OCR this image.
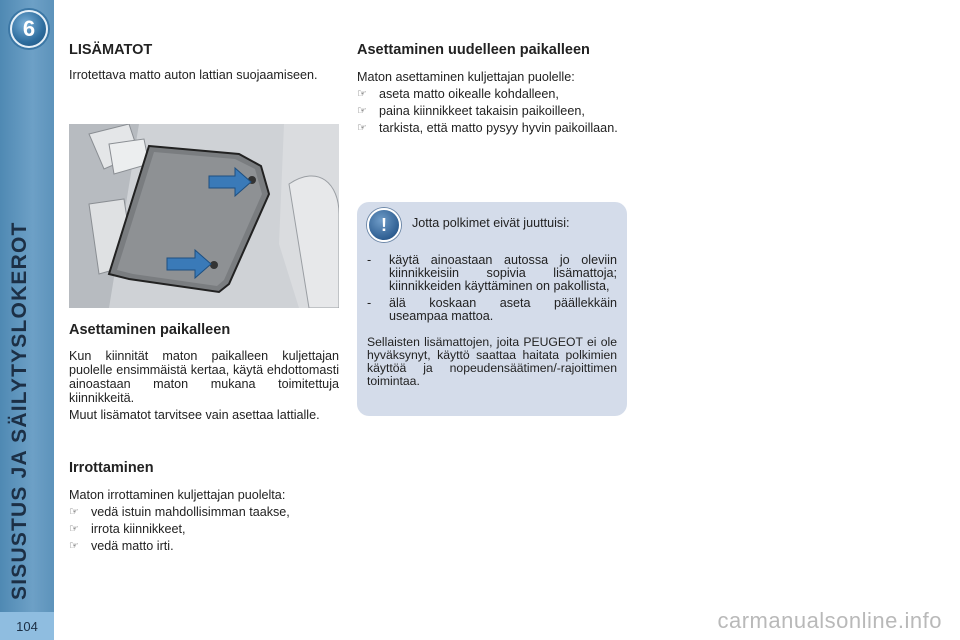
6
SISUSTUS JA SÄILYTYSLOKEROT
104
LISÄMATOT

Irrotettava matto auton lattian suojaamiseen.

Asettaminen paikalleen

Kun kiinnität maton paikalleen kuljettajan puolelle ensimmäistä kertaa, käytä ehdottomasti ainoastaan maton mukana toimitettuja kiinnikkeitä.

Muut lisämatot tarvitsee vain asettaa lattialle.

Irrottaminen

Maton irrottaminen kuljettajan puolelta:

☞ vedä istuin mahdollisimman taakse,
☞ irrota kiinnikkeet,
☞ vedä matto irti.
Asettaminen uudelleen paikalleen

Maton asettaminen kuljettajan puolelle:

☞ aseta matto oikealle kohdalleen,
☞ paina kiinnikkeet takaisin paikoilleen,
☞ tarkista, että matto pysyy hyvin paikoillaan.
!	Jotta polkimet eivät juuttuisi:
- käytä ainoastaan autossa jo oleviin kiinnikkeisiin sopivia lisämattoja; kiinnikkeiden käyttäminen on pakollista,
- älä koskaan aseta päällekkäin useampaa mattoa.
Sellaisten lisämattojen, joita PEUGEOT ei ole hyväksynyt, käyttö saattaa haitata polkimien käyttöä ja nopeudensäätimen/-rajoittimen toimintaa.
carmanualsonline.info
